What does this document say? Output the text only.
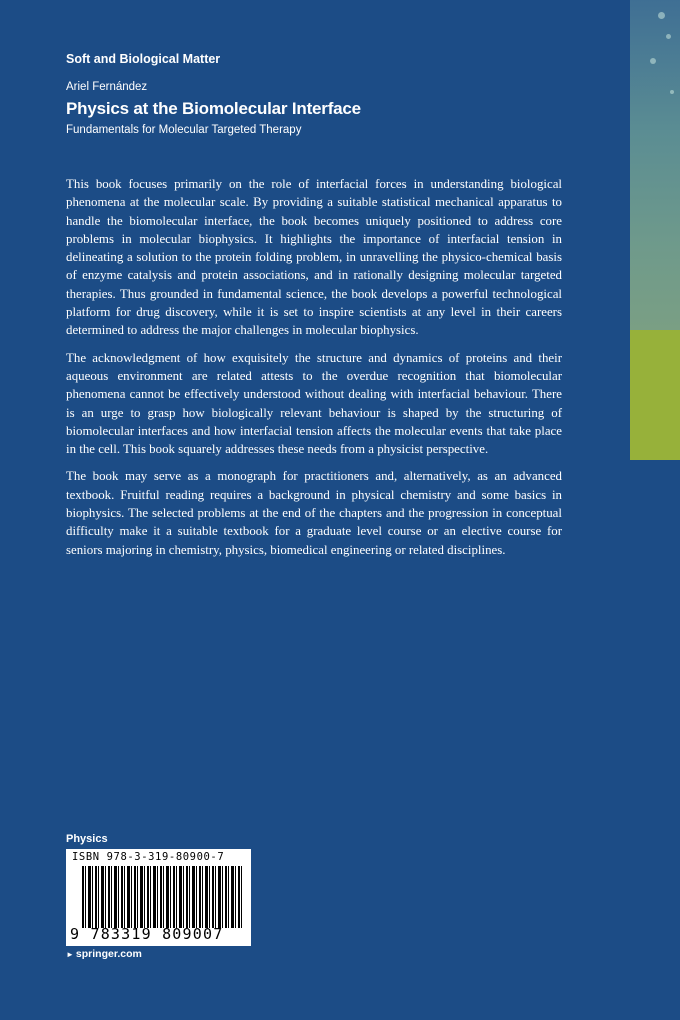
Soft and Biological Matter
Ariel Fernández
Physics at the Biomolecular Interface
Fundamentals for Molecular Targeted Therapy

This book focuses primarily on the role of interfacial forces in understanding biological phenomena at the molecular scale. By providing a suitable statistical mechanical apparatus to handle the biomolecular interface, the book becomes uniquely positioned to address core problems in molecular biophysics. It highlights the importance of interfacial tension in delineating a solution to the protein folding problem, in unravelling the physico-chemical basis of enzyme catalysis and protein associations, and in rationally designing molecular targeted therapies. Thus grounded in fundamental science, the book develops a powerful technological platform for drug discovery, while it is set to inspire scientists at any level in their careers determined to address the major challenges in molecular biophysics.

The acknowledgment of how exquisitely the structure and dynamics of proteins and their aqueous environment are related attests to the overdue recognition that biomolecular phenomena cannot be effectively understood without dealing with interfacial behaviour. There is an urge to grasp how biologically relevant behaviour is shaped by the structuring of biomolecular interfaces and how interfacial tension affects the molecular events that take place in the cell. This book squarely addresses these needs from a physicist perspective.

The book may serve as a monograph for practitioners and, alternatively, as an advanced textbook. Fruitful reading requires a background in physical chemistry and some basics in biophysics. The selected problems at the end of the chapters and the progression in conceptual difficulty make it a suitable textbook for a graduate level course or an elective course for seniors majoring in chemistry, physics, biomedical engineering or related disciplines.

Physics
ISBN 978-3-319-80900-7
9 783319 809007
► springer.com
